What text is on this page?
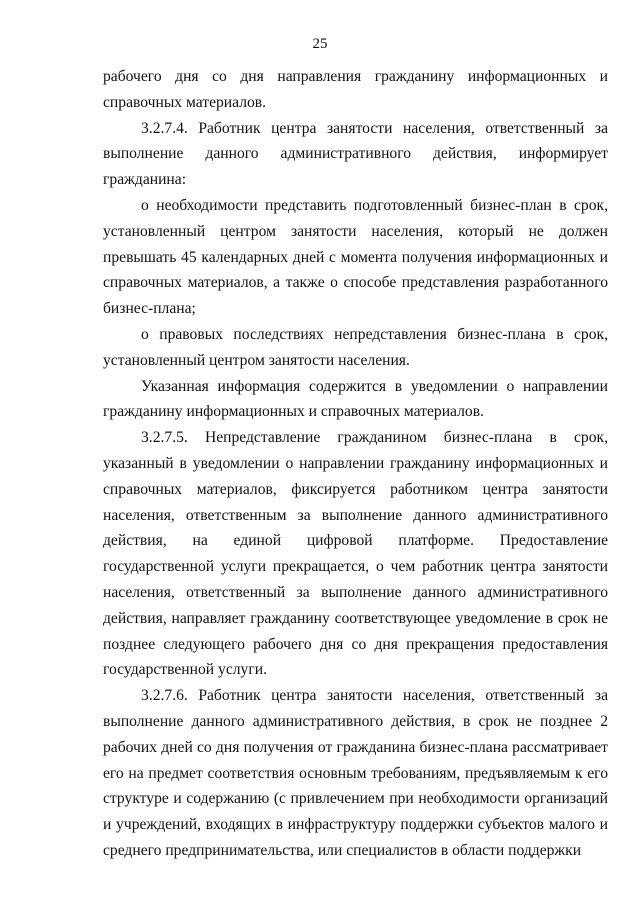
25

рабочего дня со дня направления гражданину информационных и справочных материалов.

3.2.7.4. Работник центра занятости населения, ответственный за выполнение данного административного действия, информирует гражданина:

о необходимости представить подготовленный бизнес-план в срок, установленный центром занятости населения, который не должен превышать 45 календарных дней с момента получения информационных и справочных материалов, а также о способе представления разработанного бизнес-плана;

о правовых последствиях непредставления бизнес-плана в срок, установленный центром занятости населения.

Указанная информация содержится в уведомлении о направлении гражданину информационных и справочных материалов.

3.2.7.5. Непредставление гражданином бизнес-плана в срок, указанный в уведомлении о направлении гражданину информационных и справочных материалов, фиксируется работником центра занятости населения, ответственным за выполнение данного административного действия, на единой цифровой платформе. Предоставление государственной услуги прекращается, о чем работник центра занятости населения, ответственный за выполнение данного административного действия, направляет гражданину соответствующее уведомление в срок не позднее следующего рабочего дня со дня прекращения предоставления государственной услуги.

3.2.7.6. Работник центра занятости населения, ответственный за выполнение данного административного действия, в срок не позднее 2 рабочих дней со дня получения от гражданина бизнес-плана рассматривает его на предмет соответствия основным требованиям, предъявляемым к его структуре и содержанию (с привлечением при необходимости организаций и учреждений, входящих в инфраструктуру поддержки субъектов малого и среднего предпринимательства, или специалистов в области поддержки
